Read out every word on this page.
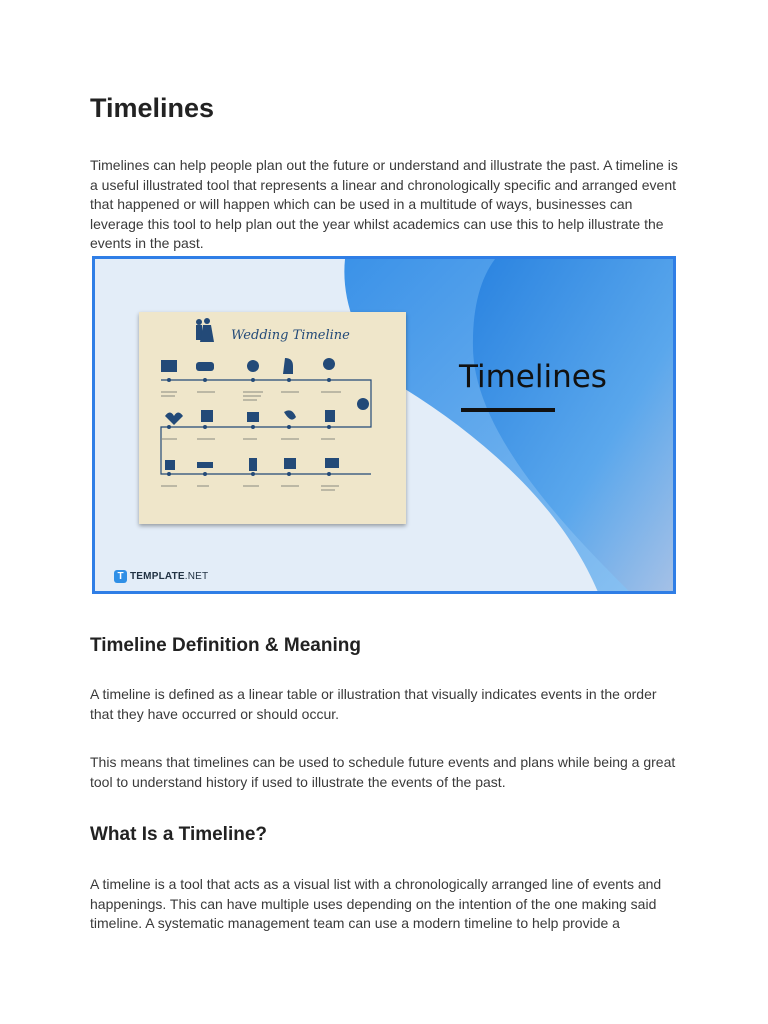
Timelines

Timelines can help people plan out the future or understand and illustrate the past. A timeline is a useful illustrated tool that represents a linear and chronologically specific and arranged event that happened or will happen which can be used in a multitude of ways, businesses can leverage this tool to help plan out the year whilst academics can use this to help illustrate the events in the past.

Timeline Definition & Meaning

A timeline is defined as a linear table or illustration that visually indicates events in the order that they have occurred or should occur.

This means that timelines can be used to schedule future events and plans while being a great tool to understand history if used to illustrate the events of the past.

What Is a Timeline?

A timeline is a tool that acts as a visual list with a chronologically arranged line of events and happenings. This can have multiple uses depending on the intention of the one making said timeline. A systematic management team can use a modern timeline to help provide a

Wedding Timeline
Timelines
T TEMPLATE.NET
